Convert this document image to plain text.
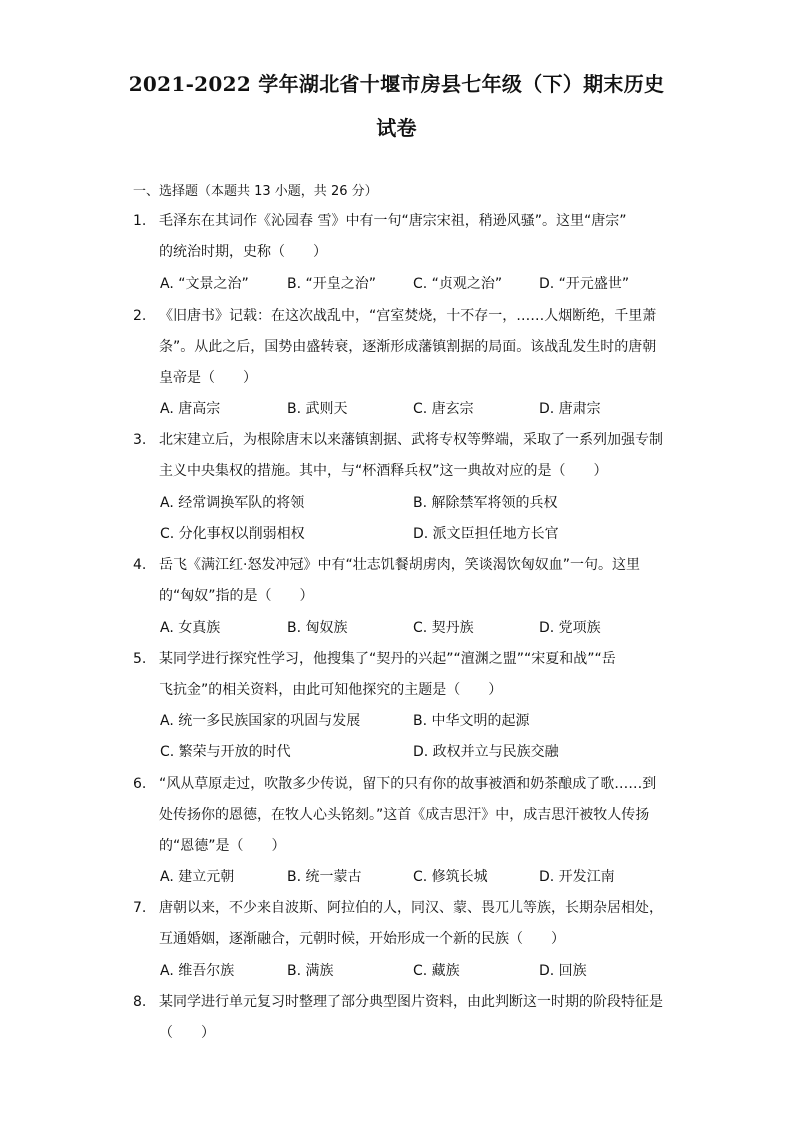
2021-2022 学年湖北省十堰市房县七年级（下）期末历史
试卷
一、选择题（本题共 13 小题，共 26 分）
1. 毛泽东在其词作《沁园春 雪》中有一句“唐宗宋祖，稍逊风骚”。这里“唐宗”
的统治时期，史称（　　）
A. “文景之治”	B. “开皇之治”	C. “贞观之治”	D. “开元盛世”
2. 《旧唐书》记载：在这次战乱中，“宫室焚烧，十不存一，……人烟断绝，千里萧
条”。从此之后，国势由盛转衰，逐渐形成藩镇割据的局面。该战乱发生时的唐朝
皇帝是（　　）
A. 唐高宗	B. 武则天	C. 唐玄宗	D. 唐肃宗
3. 北宋建立后，为根除唐末以来藩镇割据、武将专权等弊端，采取了一系列加强专制
主义中央集权的措施。其中，与“杯酒释兵权”这一典故对应的是（　　）
A. 经常调换军队的将领	B. 解除禁军将领的兵权
C. 分化事权以削弱相权	D. 派文臣担任地方长官
4. 岳飞《满江红·怒发冲冠》中有“壮志饥餐胡虏肉，笑谈渴饮匈奴血”一句。这里
的“匈奴”指的是（　　）
A. 女真族	B. 匈奴族	C. 契丹族	D. 党项族
5. 某同学进行探究性学习，他搜集了“契丹的兴起”“澶渊之盟”“宋夏和战”“岳
飞抗金”的相关资料，由此可知他探究的主题是（　　）
A. 统一多民族国家的巩固与发展	B. 中华文明的起源
C. 繁荣与开放的时代	D. 政权并立与民族交融
6. “风从草原走过，吹散多少传说，留下的只有你的故事被酒和奶茶酿成了歌……到
处传扬你的恩德，在牧人心头铭刻。”这首《成吉思汗》中，成吉思汗被牧人传扬
的“恩德”是（　　）
A. 建立元朝	B. 统一蒙古	C. 修筑长城	D. 开发江南
7. 唐朝以来，不少来自波斯、阿拉伯的人，同汉、蒙、畏兀儿等族，长期杂居相处，
互通婚姻，逐渐融合，元朝时候，开始形成一个新的民族（　　）
A. 维吾尔族	B. 满族	C. 藏族	D. 回族
8. 某同学进行单元复习时整理了部分典型图片资料，由此判断这一时期的阶段特征是
（　　）
